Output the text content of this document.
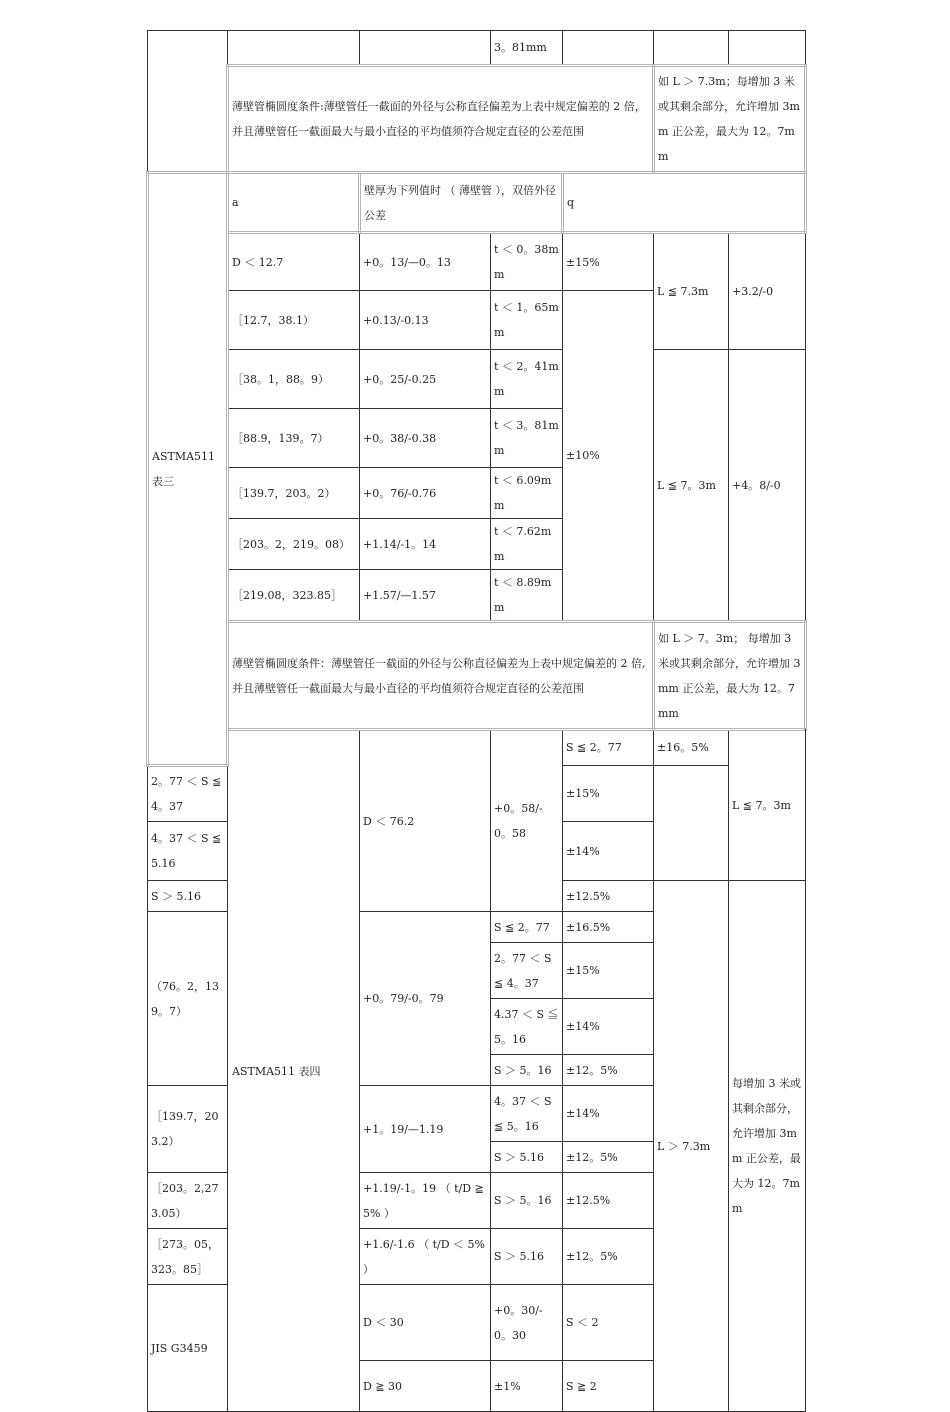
			3。81mm				
	薄壁管椭圆度条件:薄壁管任一截面的外径与公称直径偏差为上表中规定偏差的 2 倍，并且薄壁管任一截面最大与最小直径的平均值须符合规定直径的公差范围				如 L ＞ 7.3m；每增加 3 米或其剩余部分，允许增加 3mm 正公差，最大为 12。7mm		
ASTMA511 表三	a	壁厚为下列值时 （ 薄壁管 ），双倍外径公差		q			
	D ＜ 12.7	+0。13/—0。13	t ＜ 0。38mm	±15%	L ≦ 7.3m	+3.2/-0	
	［12.7，38.1）	+0.13/-0.13	t ＜ 1。65mm	±10%			
	［38。1，88。9）	+0。25/-0.25	t ＜ 2。41mm		L ≦ 7。3m	+4。8/-0	
	［88.9，139。7）	+0。38/-0.38	t ＜ 3。81mm				
	［139.7，203。2）	+0。76/-0.76	t ＜ 6.09mm				
	［203。2，219。08）	+1.14/-1。14	t ＜ 7.62mm				
	［219.08，323.85］	+1.57/—1.57	t ＜ 8.89mm				
	薄壁管椭圆度条件：薄壁管任一截面的外径与公称直径偏差为上表中规定偏差的 2 倍,并且薄壁管任一截面最大与最小直径的平均值须符合规定直径的公差范围				如 L ＞ 7。3m； 每增加 3 米或其剩余部分，允许增加 3mm 正公差，最大为 12。7mm		
	ASTMA511 表四	D ＜ 76.2	+0。58/-0。58	S ≦ 2。77	±16。5%	L ≦ 7。3m	
2。77 ＜ S ≦ 4。37				±15%			
4。37 ＜ S ≦ 5.16				±14%			
S ＞ 5.16				±12.5%	L ＞ 7.3m	每增加 3 米或其剩余部分，允许增加 3mm 正公差，最大为 12。7mm	
（76。2，139。7）		+0。79/-0。79	S ≦ 2。77	±16.5%			
			2。77 ＜ S ≦ 4。37	±15%			
			4.37 ＜ S ≦ 5。16	±14%			
			S ＞ 5。16	±12。5%			
［139.7，203.2）		+1。19/—1.19	4。37 ＜ S ≦ 5。16	±14%			
			S ＞ 5.16	±12。5%			
［203。2,273.05）		+1.19/-1。19 （ t/D ≧ 5% ）	S ＞ 5。16	±12.5%			
［273。05，323。85］		+1.6/-1.6 （ t/D ＜ 5% ）	S ＞ 5.16	±12。5%			
JIS G3459		D ＜ 30	+0。30/-0。30	S ＜ 2			
		D ≧ 30	±1%	S ≧ 2	
